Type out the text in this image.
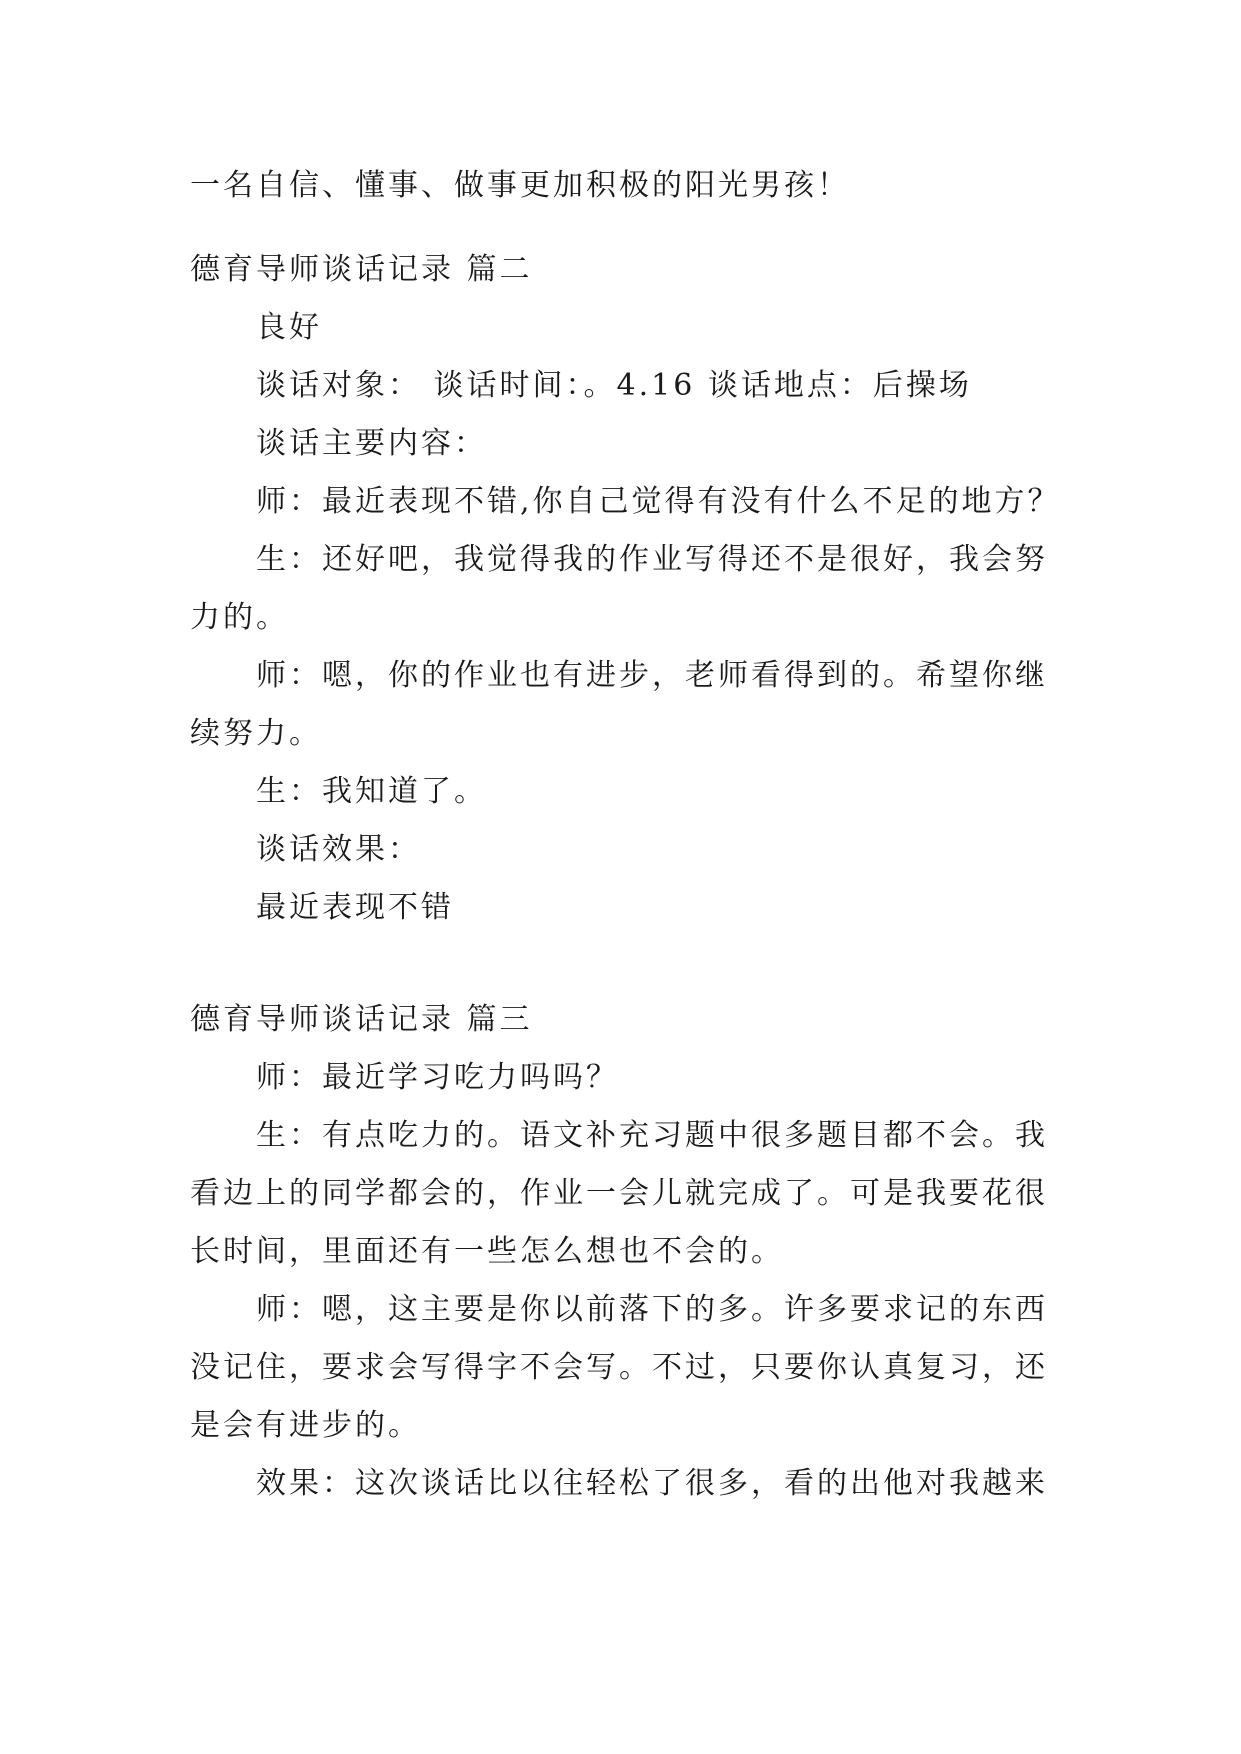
一名自信、懂事、做事更加积极的阳光男孩！
德育导师谈话记录 篇二
良好
谈话对象： 谈话时间：。4.16 谈话地点：后操场
谈话主要内容：
师：最近表现不错,你自己觉得有没有什么不足的地方？
生：还好吧，我觉得我的作业写得还不是很好，我会努
力的。
师：嗯，你的作业也有进步，老师看得到的。希望你继
续努力。
生：我知道了。
谈话效果：
最近表现不错
德育导师谈话记录 篇三
师：最近学习吃力吗吗？
生：有点吃力的。语文补充习题中很多题目都不会。我
看边上的同学都会的，作业一会儿就完成了。可是我要花很
长时间，里面还有一些怎么想也不会的。
师：嗯，这主要是你以前落下的多。许多要求记的东西
没记住，要求会写得字不会写。不过，只要你认真复习，还
是会有进步的。
效果：这次谈话比以往轻松了很多，看的出他对我越来
